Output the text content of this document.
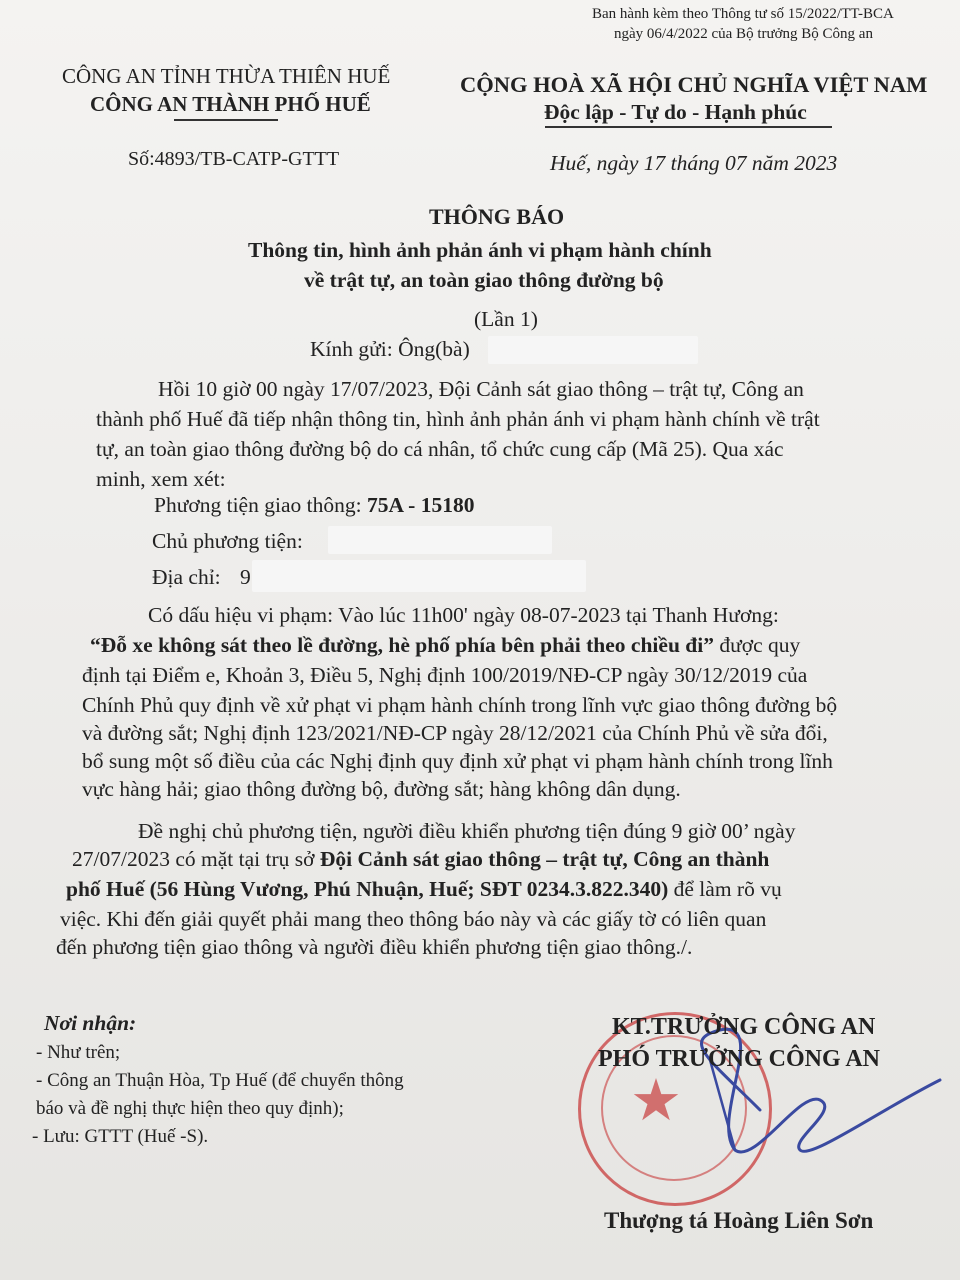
Ban hành kèm theo Thông tư số 15/2022/TT-BCA
ngày 06/4/2022 của Bộ trưởng Bộ Công an
CÔNG AN TỈNH THỪA THIÊN HUẾ
CÔNG AN THÀNH PHỐ HUẾ
CỘNG HOÀ XÃ HỘI CHỦ NGHĨA VIỆT NAM
Độc lập - Tự do - Hạnh phúc
Số:4893/TB-CATP-GTTT	Huế, ngày 17 tháng 07 năm 2023
THÔNG BÁO
Thông tin, hình ảnh phản ánh vi phạm hành chính
về trật tự, an toàn giao thông đường bộ
(Lần 1)
Kính gửi: Ông(bà)
Hồi 10 giờ 00 ngày 17/07/2023, Đội Cảnh sát giao thông – trật tự, Công an
thành phố Huế đã tiếp nhận thông tin, hình ảnh phản ánh vi phạm hành chính về trật
tự, an toàn giao thông đường bộ do cá nhân, tổ chức cung cấp (Mã 25). Qua xác
minh, xem xét:
Phương tiện giao thông: 75A - 15180
Chủ phương tiện:
Địa chỉ: 9
Có dấu hiệu vi phạm: Vào lúc 11h00' ngày 08-07-2023 tại Thanh Hương:
“Đỗ xe không sát theo lề đường, hè phố phía bên phải theo chiều đi” được quy
định tại Điểm e, Khoản 3, Điều 5, Nghị định 100/2019/NĐ-CP ngày 30/12/2019 của
Chính Phủ quy định về xử phạt vi phạm hành chính trong lĩnh vực giao thông đường bộ
và đường sắt; Nghị định 123/2021/NĐ-CP ngày 28/12/2021 của Chính Phủ về sửa đổi,
bổ sung một số điều của các Nghị định quy định xử phạt vi phạm hành chính trong lĩnh
vực hàng hải; giao thông đường bộ, đường sắt; hàng không dân dụng.
Đề nghị chủ phương tiện, người điều khiển phương tiện đúng 9 giờ 00’ ngày
27/07/2023 có mặt tại trụ sở Đội Cảnh sát giao thông – trật tự, Công an thành
phố Huế (56 Hùng Vương, Phú Nhuận, Huế; SĐT 0234.3.822.340) để làm rõ vụ
việc. Khi đến giải quyết phải mang theo thông báo này và các giấy tờ có liên quan
đến phương tiện giao thông và người điều khiển phương tiện giao thông./.
Nơi nhận:
- Như trên;
- Công an Thuận Hòa, Tp Huế (để chuyển thông
báo và đề nghị thực hiện theo quy định);
- Lưu: GTTT (Huế -S).
★
KT.TRƯỞNG CÔNG AN
PHÓ TRƯỞNG CÔNG AN
Thượng tá Hoàng Liên Sơn
